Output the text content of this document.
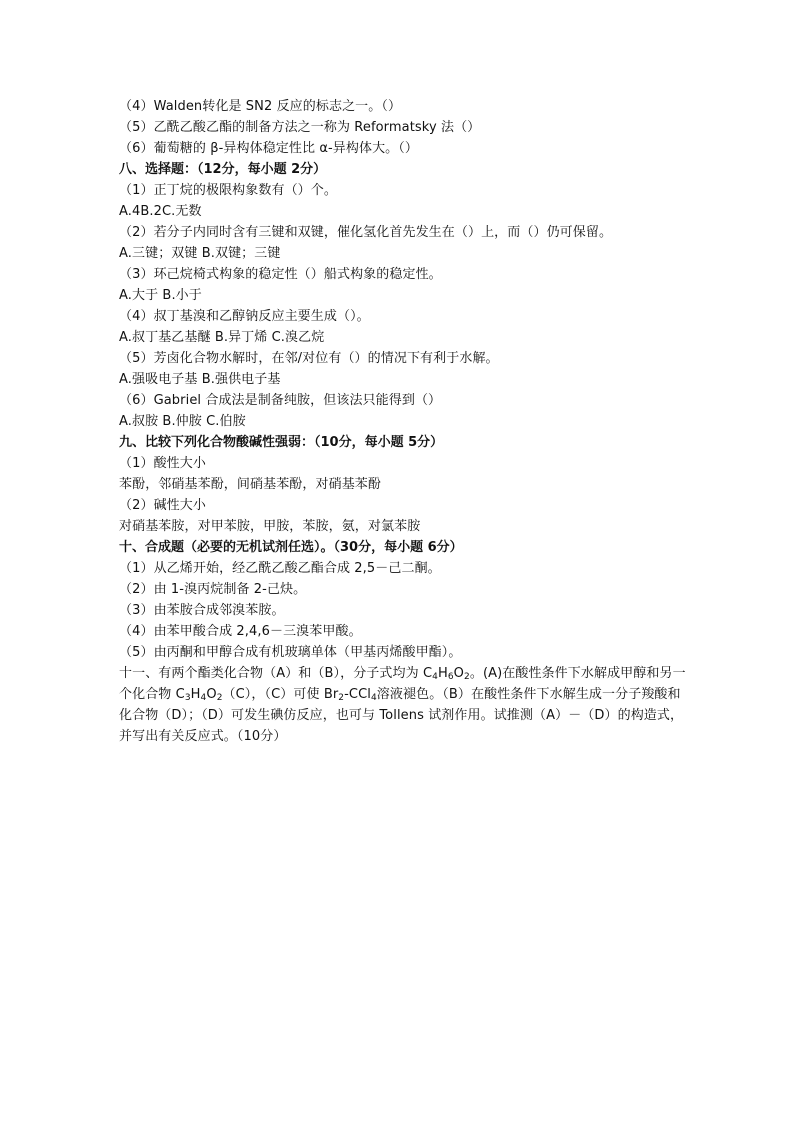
（4）Walden转化是 SN2 反应的标志之一。（）
（5）乙酰乙酸乙酯的制备方法之一称为 Reformatsky 法（）
（6）葡萄糖的 β-异构体稳定性比 α-异构体大。（）
八、选择题：（12分，每小题 2分）
（1）正丁烷的极限构象数有（）个。
A.4B.2C.无数
（2）若分子内同时含有三键和双键，催化氢化首先发生在（）上，而（）仍可保留。
A.三键；双键 B.双键；三键
（3）环己烷椅式构象的稳定性（）船式构象的稳定性。
A.大于 B.小于
（4）叔丁基溴和乙醇钠反应主要生成（）。
A.叔丁基乙基醚 B.异丁烯 C.溴乙烷
（5）芳卤化合物水解时，在邻/对位有（）的情况下有利于水解。
A.强吸电子基 B.强供电子基
（6）Gabriel 合成法是制备纯胺，但该法只能得到（）
A.叔胺 B.仲胺 C.伯胺
九、比较下列化合物酸碱性强弱：（10分，每小题 5分）
（1）酸性大小
苯酚，邻硝基苯酚，间硝基苯酚，对硝基苯酚
（2）碱性大小
对硝基苯胺，对甲苯胺，甲胺，苯胺，氨，对氯苯胺
十、合成题（必要的无机试剂任选）。（30分，每小题 6分）
（1）从乙烯开始，经乙酰乙酸乙酯合成 2,5－己二酮。
（2）由 1-溴丙烷制备 2-己炔。
（3）由苯胺合成邻溴苯胺。
（4）由苯甲酸合成 2,4,6－三溴苯甲酸。
（5）由丙酮和甲醇合成有机玻璃单体（甲基丙烯酸甲酯）。
十一、有两个酯类化合物（A）和（B），分子式均为 $C_4H_6O_2$。(A)在酸性条件下水解成甲醇和另一个化合物 $C_3H_4O_2(C)$，（C）可使 $Br_2-CCl_4$溶液褪色。（B）在酸性条件下水解生成一分子羧酸和化合物（D）；（D）可发生碘仿反应，也可与 Tollens 试剂作用。试推测（A）－（D）的构造式，并写出有关反应式。（10分）
